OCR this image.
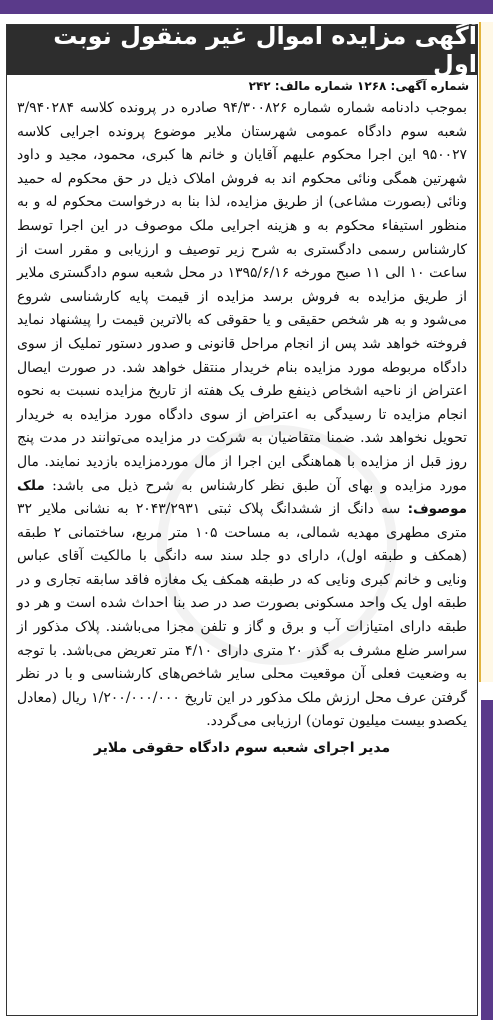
آگهی مزایده اموال غیر منقول نوبت اول
شماره آگهی: ۱۲۶۸ شماره مالف: ۲۴۲
بموجب دادنامه شماره شماره ۹۴/۳۰۰۸۲۶ صادره در پرونده کلاسه ۳/۹۴۰۲۸۴ شعبه سوم دادگاه عمومی شهرستان ملایر موضوع پرونده اجرایی کلاسه ۹۵۰۰۲۷ این اجرا محکوم علیهم آقایان و خانم ها کبری، محمود، مجید و داود شهرتین همگی ونائی محکوم اند به فروش املاک ذیل در حق محکوم له حمید ونائی (بصورت مشاعی) از طریق مزایده، لذا بنا به درخواست محکوم له و به منظور استیفاء محکوم به و هزینه اجرایی ملک موصوف در این اجرا توسط کارشناس رسمی دادگستری به شرح زیر توصیف و ارزیابی و مقرر است از ساعت ۱۰ الی ۱۱ صبح مورخه ۱۳۹۵/۶/۱۶ در محل شعبه سوم دادگستری ملایر از طریق مزایده به فروش برسد مزایده از قیمت پایه کارشناسی شروع می‌شود و به هر شخص حقیقی و یا حقوقی که بالاترین قیمت را پیشنهاد نماید فروخته خواهد شد پس از انجام مراحل قانونی و صدور دستور تملیک از سوی دادگاه مربوطه مورد مزایده بنام خریدار منتقل خواهد شد. در صورت ایصال اعتراض از ناحیه اشخاص ذینفع طرف یک هفته از تاریخ مزایده نسبت به نحوه انجام مزایده تا رسیدگی به اعتراض از سوی دادگاه مورد مزایده به خریدار تحویل نخواهد شد. ضمنا متقاضیان به شرکت در مزایده می‌توانند در مدت پنج روز قبل از مزایده با هماهنگی این اجرا از مال موردمزایده بازدید نمایند. مال مورد مزایده و بهای آن طبق نظر کارشناس به شرح ذیل می باشد: ملک موصوف: سه دانگ از ششدانگ پلاک ثبتی ۲۰۴۳/۲۹۳۱ به نشانی ملایر ۳۲ متری مطهری مهدیه شمالی، به مساحت ۱۰۵ متر مربع، ساختمانی ۲ طبقه (همکف و طبقه اول)، دارای دو جلد سند سه دانگی با مالکیت آقای عباس ونایی و خانم کبری ونایی که در طبقه همکف یک مغازه فاقد سابقه تجاری و در طبقه اول یک واحد مسکونی بصورت صد در صد بنا احداث شده است و هر دو طبقه دارای امتیازات آب و برق و گاز و تلفن مجزا می‌باشند. پلاک مذکور از سراسر ضلع مشرف به گذر ۲۰ متری دارای ۴/۱۰ متر تعریض می‌باشد. با توجه به وضعیت فعلی آن موقعیت محلی سایر شاخص‌های کارشناسی و با در نظر گرفتن عرف محل ارزش ملک مذکور در این تاریخ ۱/۲۰۰/۰۰۰/۰۰۰ ریال (معادل یکصدو بیست میلیون تومان) ارزیابی می‌گردد.
مدیر اجرای شعبه سوم دادگاه حقوقی ملایر
